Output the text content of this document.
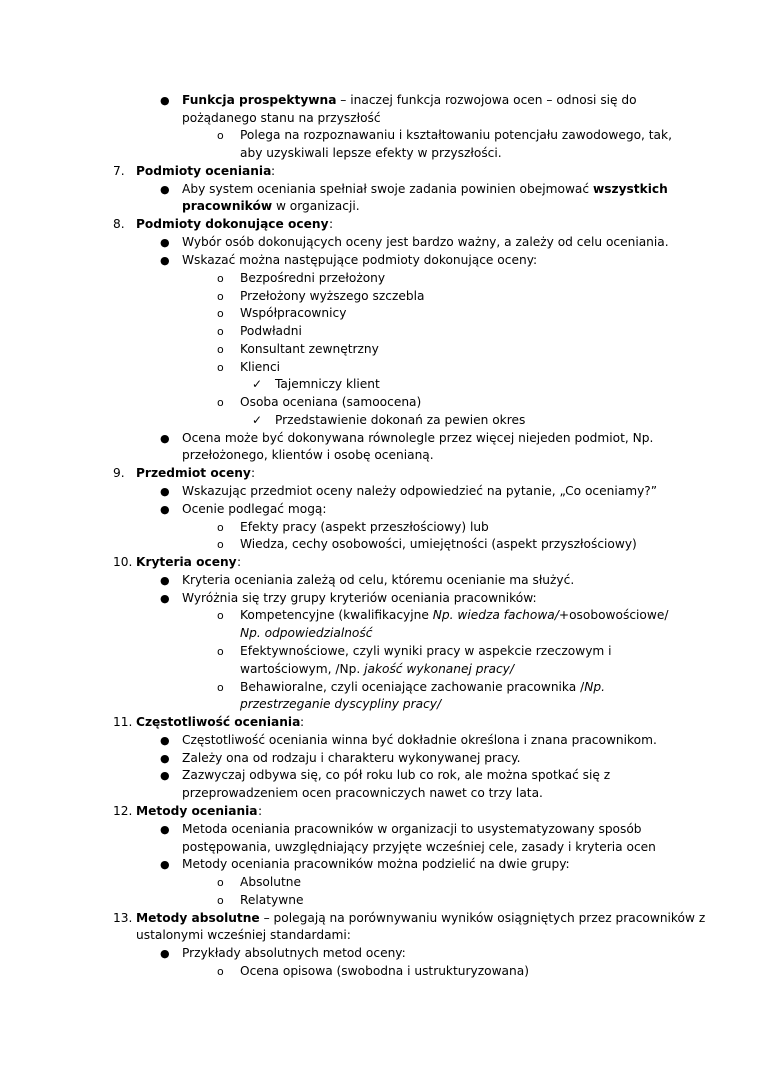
● Funkcja prospektywna – inaczej funkcja rozwojowa ocen – odnosi się do
pożądanego stanu na przyszłość
o Polega na rozpoznawaniu i kształtowaniu potencjału zawodowego, tak,
aby uzyskiwali lepsze efekty w przyszłości.
7. Podmioty oceniania :
● Aby system oceniania spełniał swoje zadania powinien obejmować wszystkich
pracowników w organizacji.
8. Podmioty dokonujące oceny :
● Wybór osób dokonujących oceny jest bardzo ważny, a zależy od celu oceniania.
● Wskazać można następujące podmioty dokonujące oceny:
o Bezpośredni przełożony
o Przełożony wyższego szczebla
o Współpracownicy
o Podwładni
o Konsultant zewnętrzny
o Klienci
✓ Tajemniczy klient
o Osoba oceniana (samoocena)
✓ Przedstawienie dokonań za pewien okres
● Ocena może być dokonywana równolegle przez więcej niejeden podmiot, Np.
przełożonego, klientów i osobę ocenianą.
9. Przedmiot oceny :
● Wskazując przedmiot oceny należy odpowiedzieć na pytanie, „Co oceniamy?”
● Ocenie podlegać mogą:
o Efekty pracy (aspekt przeszłościowy) lub
o Wiedza, cechy osobowości, umiejętności (aspekt przyszłościowy)
10. Kryteria oceny :
● Kryteria oceniania zależą od celu, któremu ocenianie ma służyć.
● Wyróżnia się trzy grupy kryteriów oceniania pracowników:
o Kompetencyjne (kwalifikacyjne Np. wiedza fachowa/+osobowościowe/
Np. odpowiedzialność
o Efektywnościowe, czyli wyniki pracy w aspekcie rzeczowym i
wartościowym, /Np. jakość wykonanej pracy/
o Behawioralne, czyli oceniające zachowanie pracownika /Np.
przestrzeganie dyscypliny pracy/
11. Częstotliwość oceniania :
● Częstotliwość oceniania winna być dokładnie określona i znana pracownikom.
● Zależy ona od rodzaju i charakteru wykonywanej pracy.
● Zazwyczaj odbywa się, co pół roku lub co rok, ale można spotkać się z
przeprowadzeniem ocen pracowniczych nawet co trzy lata.
12. Metody oceniania :
● Metoda oceniania pracowników w organizacji to usystematyzowany sposób
postępowania, uwzględniający przyjęte wcześniej cele, zasady i kryteria ocen
● Metody oceniania pracowników można podzielić na dwie grupy:
o Absolutne
o Relatywne
13. Metody absolutne – polegają na porównywaniu wyników osiągniętych przez pracowników z
ustalonymi wcześniej standardami:
● Przykłady absolutnych metod oceny:
o Ocena opisowa (swobodna i ustrukturyzowana)
